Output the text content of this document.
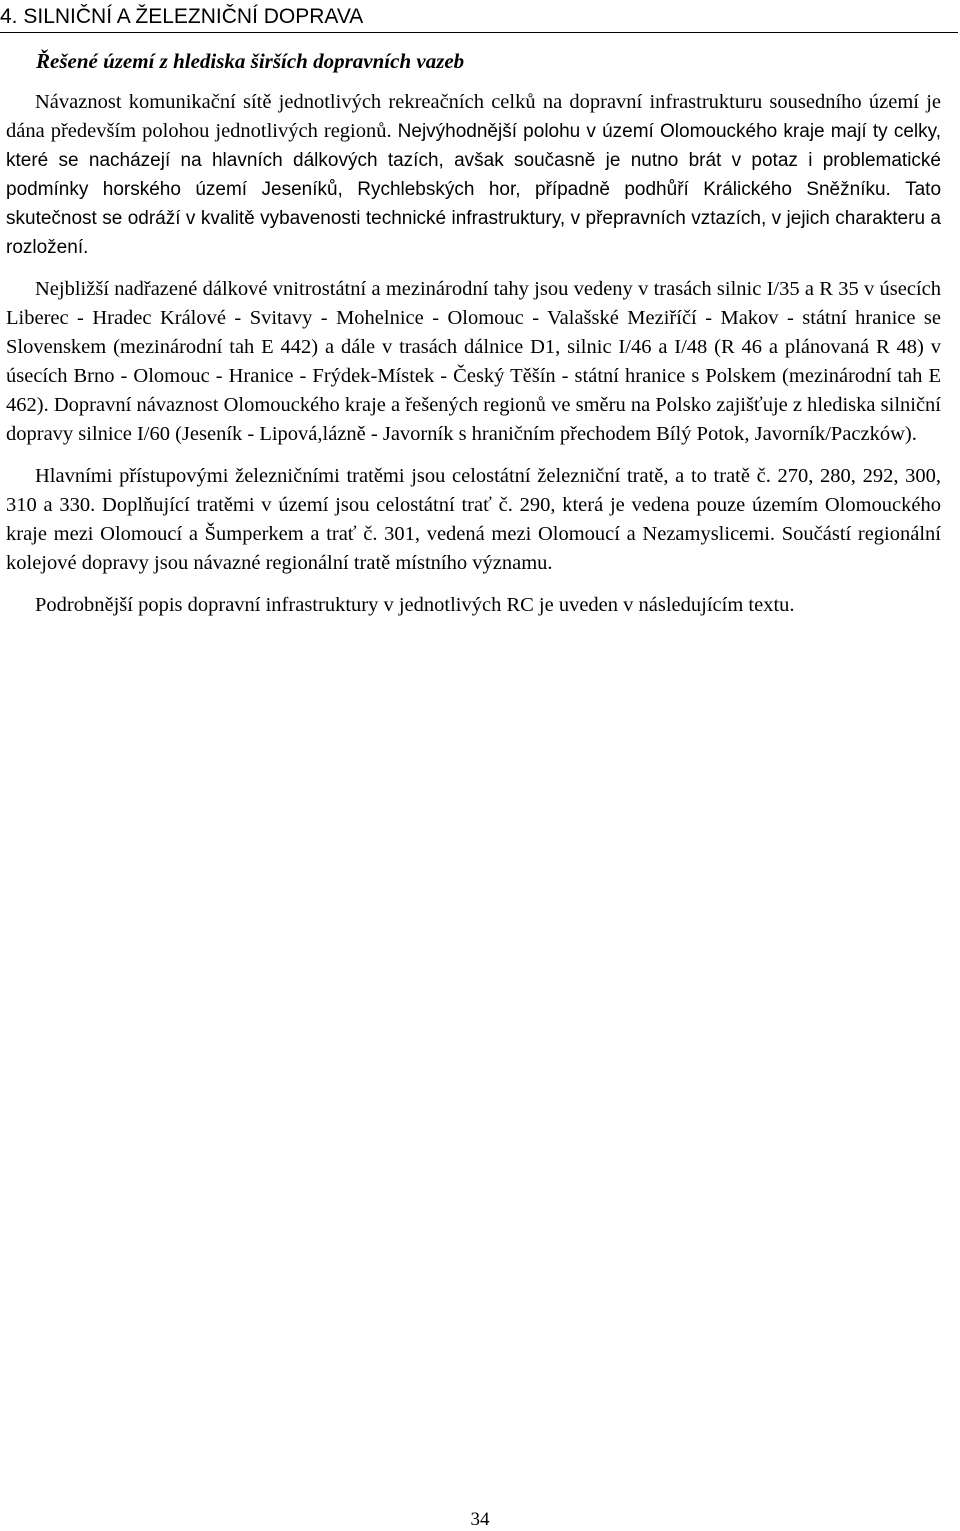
4. SILNIČNÍ A ŽELEZNIČNÍ DOPRAVA
Řešené území z hlediska širších dopravních vazeb

Návaznost komunikační sítě jednotlivých rekreačních celků na dopravní infrastrukturu sousedního území je dána především polohou jednotlivých regionů. Nejvýhodnější polohu v území Olomouckého kraje mají ty celky, které se nacházejí na hlavních dálkových tazích, avšak současně je nutno brát v potaz i problematické podmínky horského území Jeseníků, Rychlebských hor, případně podhůří Králického Sněžníku. Tato skutečnost se odráží v kvalitě vybavenosti technické infrastruktury, v přepravních vztazích, v jejich charakteru a rozložení.

Nejbližší nadřazené dálkové vnitrostátní a mezinárodní tahy jsou vedeny v trasách silnic I/35 a R 35 v úsecích Liberec - Hradec Králové - Svitavy - Mohelnice - Olomouc - Valašské Meziříčí - Makov - státní hranice se Slovenskem (mezinárodní tah E 442) a dále v trasách dálnice D1, silnic I/46 a I/48 (R 46 a plánovaná R 48) v úsecích Brno - Olomouc - Hranice - Frýdek-Místek - Český Těšín - státní hranice s Polskem (mezinárodní tah E 462). Dopravní návaznost Olomouckého kraje a řešených regionů ve směru na Polsko zajišťuje z hlediska silniční dopravy silnice I/60 (Jeseník - Lipová,lázně - Javorník s hraničním přechodem Bílý Potok, Javorník/Paczków).

Hlavními přístupovými železničními tratěmi jsou celostátní železniční tratě, a to tratě č. 270, 280, 292, 300, 310 a 330. Doplňující tratěmi v území jsou celostátní trať č. 290, která je vedena pouze územím Olomouckého kraje mezi Olomoucí a Šumperkem a trať č. 301, vedená mezi Olomoucí a Nezamyslicemi. Součástí regionální kolejové dopravy jsou návazné regionální tratě místního významu.

Podrobnější popis dopravní infrastruktury v jednotlivých RC je uveden v následujícím textu.

34
